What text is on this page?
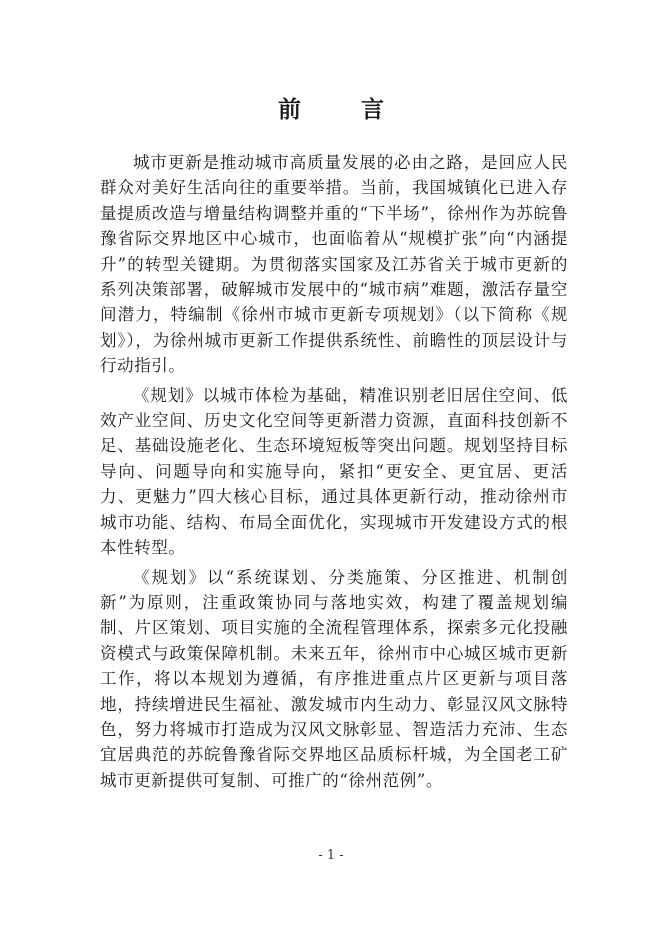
前 言

城市更新是推动城市高质量发展的必由之路，是回应人民群众对美好生活向往的重要举措。当前，我国城镇化已进入存量提质改造与增量结构调整并重的“下半场”，徐州作为苏皖鲁豫省际交界地区中心城市，也面临着从“规模扩张”向“内涵提升”的转型关键期。为贯彻落实国家及江苏省关于城市更新的系列决策部署，破解城市发展中的“城市病”难题，激活存量空间潜力，特编制《徐州市城市更新专项规划》（以下简称《规划》），为徐州城市更新工作提供系统性、前瞻性的顶层设计与行动指引。

《规划》以城市体检为基础，精准识别老旧居住空间、低效产业空间、历史文化空间等更新潜力资源，直面科技创新不足、基础设施老化、生态环境短板等突出问题。规划坚持目标导向、问题导向和实施导向，紧扣“更安全、更宜居、更活力、更魅力”四大核心目标，通过具体更新行动，推动徐州市城市功能、结构、布局全面优化，实现城市开发建设方式的根本性转型。

《规划》以“系统谋划、分类施策、分区推进、机制创新”为原则，注重政策协同与落地实效，构建了覆盖规划编制、片区策划、项目实施的全流程管理体系，探索多元化投融资模式与政策保障机制。未来五年，徐州市中心城区城市更新工作，将以本规划为遵循，有序推进重点片区更新与项目落地，持续增进民生福祉、激发城市内生动力、彰显汉风文脉特色，努力将城市打造成为汉风文脉彰显、智造活力充沛、生态宜居典范的苏皖鲁豫省际交界地区品质标杆城，为全国老工矿城市更新提供可复制、可推广的“徐州范例”。

- 1 -
